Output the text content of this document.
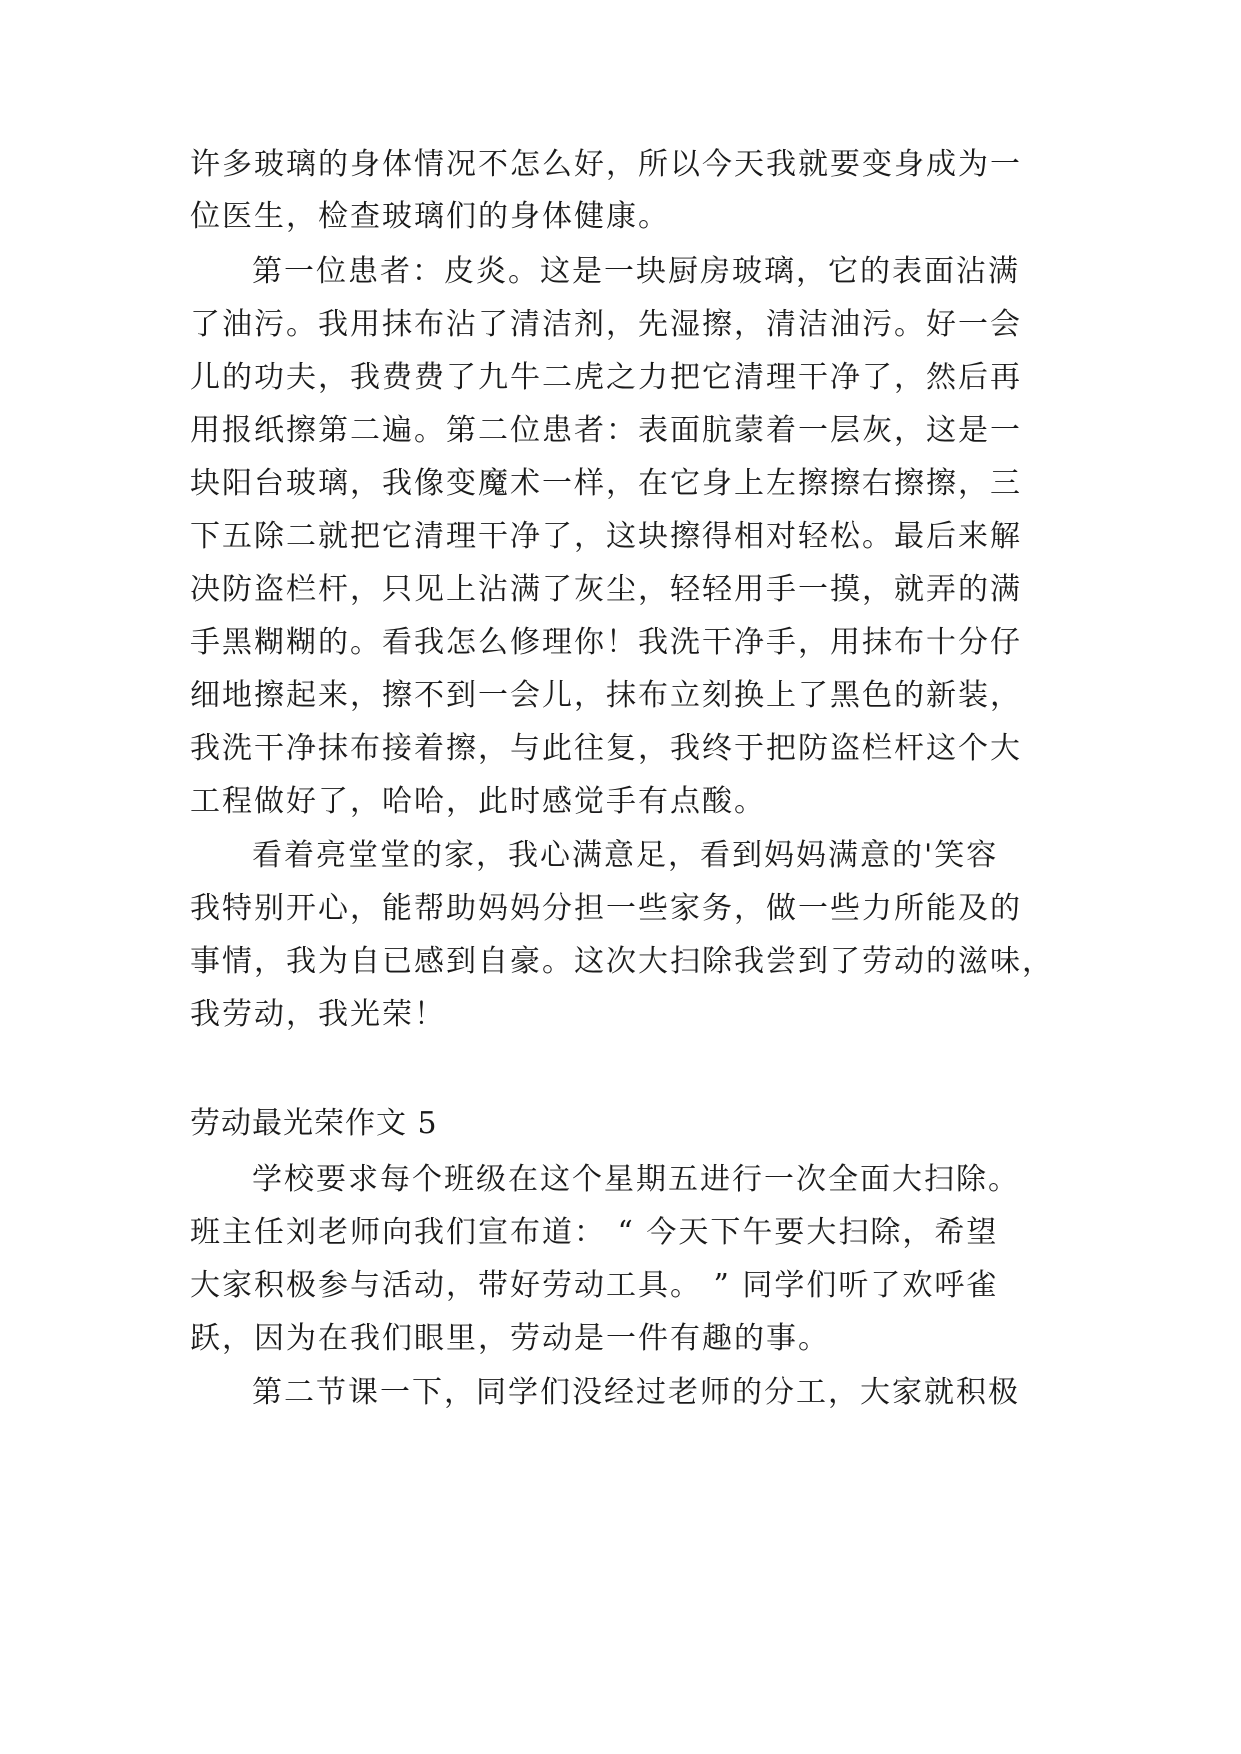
许多玻璃的身体情况不怎么好，所以今天我就要变身成为一
位医生，检查玻璃们的身体健康。
第一位患者：皮炎。这是一块厨房玻璃，它的表面沾满
了油污。我用抹布沾了清洁剂，先湿擦，清洁油污。好一会
儿的功夫，我费费了九牛二虎之力把它清理干净了，然后再
用报纸擦第二遍。第二位患者：表面肮蒙着一层灰，这是一
块阳台玻璃，我像变魔术一样，在它身上左擦擦右擦擦，三
下五除二就把它清理干净了，这块擦得相对轻松。最后来解
决防盗栏杆，只见上沾满了灰尘，轻轻用手一摸，就弄的满
手黑糊糊的。看我怎么修理你！我洗干净手，用抹布十分仔
细地擦起来，擦不到一会儿，抹布立刻换上了黑色的新装，
我洗干净抹布接着擦，与此往复，我终于把防盗栏杆这个大
工程做好了，哈哈，此时感觉手有点酸。
看着亮堂堂的家，我心满意足，看到妈妈满意的'笑容
我特别开心，能帮助妈妈分担一些家务，做一些力所能及的
事情，我为自已感到自豪。这次大扫除我尝到了劳动的滋味，
我劳动，我光荣！
劳动最光荣作文 5
学校要求每个班级在这个星期五进行一次全面大扫除。
班主任刘老师向我们宣布道： “ 今天下午要大扫除，希望
大家积极参与活动，带好劳动工具。 ” 同学们听了欢呼雀
跃，因为在我们眼里，劳动是一件有趣的事。
第二节课一下，同学们没经过老师的分工，大家就积极
